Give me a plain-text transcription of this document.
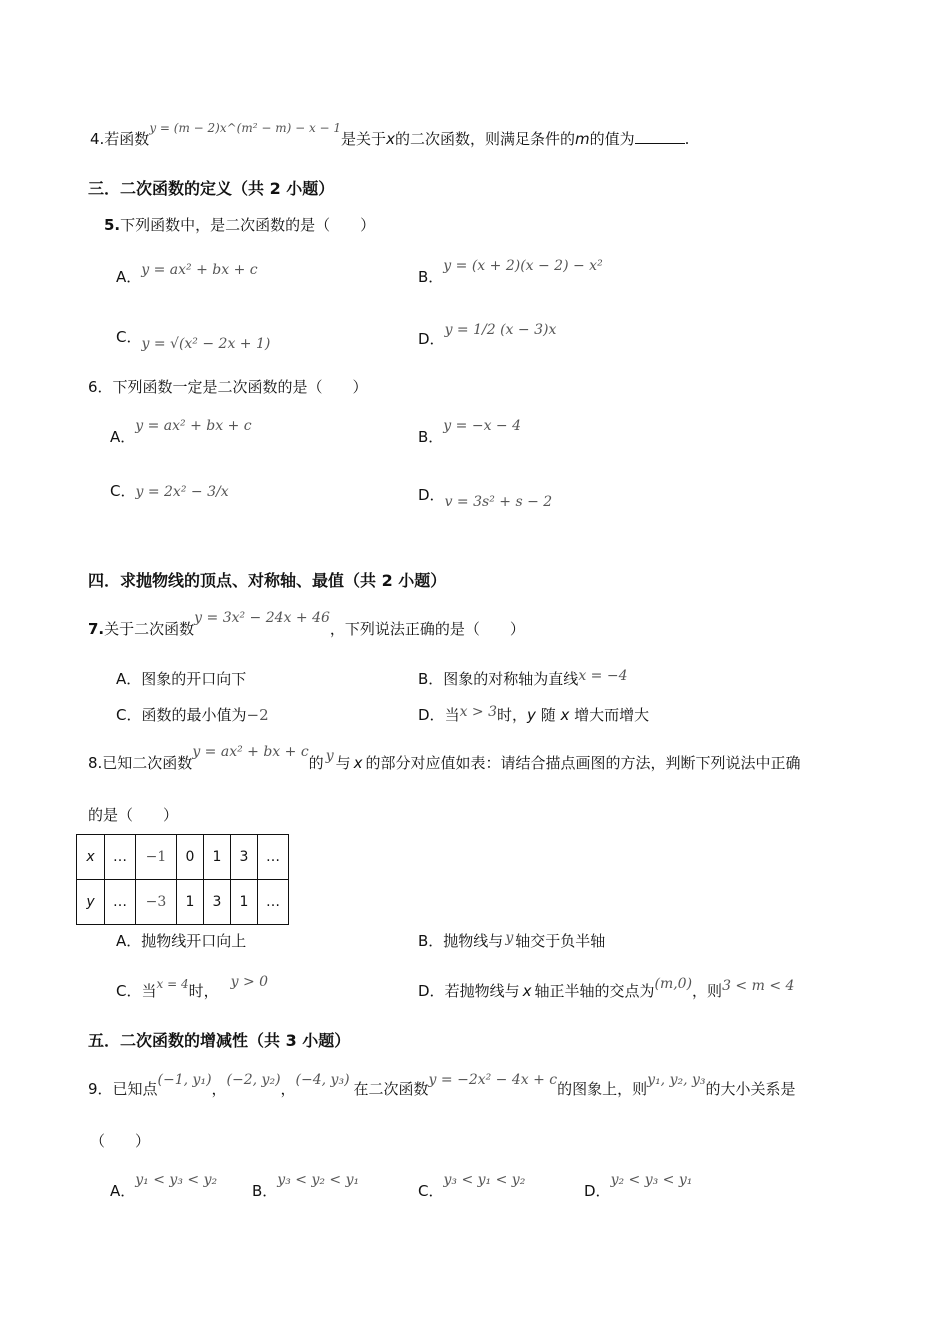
4.若函数$^{y = (m - 2)x\^{}(m^2 - m) - x - 1}$是关于x的二次函数，则满足条件的m的值为	.
三．二次函数的定义（共 2 小题）
5.下列函数中，是二次函数的是（　　）
A．y = ax² + bx + c	B．y = (x + 2)(x − 2) − x²
C．y = √(x² − 2x + 1)	D．y = 1/2 (x − 3)x
6．下列函数一定是二次函数的是（　　）
A．y = ax² + bx + c
B．y = −x − 4
C．y = 2x² − 3/x	D．v = 3s² + s − 2
四．求抛物线的顶点、对称轴、最值（共 2 小题）
7.关于二次函数y = 3x² − 24x + 46，下列说法正确的是（　　）
A．图象的开口向下	B．图象的对称轴为直线x = −4
C．函数的最小值为−2	D．当x > 3时，y 随 x 增大而增大
8.已知二次函数y = ax² + bx + c的 y 与 x 的部分对应值如表：请结合描点画图的方法，判断下列说法中正确
的是（　　）
x	…	−1	0	1	3	…
y	…	−3	1	3	1	…
A．抛物线开口向上	B．抛物线与 y 轴交于负半轴
C．当$^{x = 4}$时， y > 0	D．若抛物线与 x 轴正半轴的交点为(m,0)，则3 < m < 4
五．二次函数的增减性（共 3 小题）
9．已知点(−1, y₁)，(−2, y₂)，(−4, y₃) 在二次函数y = −2x² − 4x + c的图象上，则y₁, y₂, y₃的大小关系是
（　　）
A．y₁ < y₃ < y₂
B．y₃ < y₂ < y₁
C．y₃ < y₁ < y₂
D．y₂ < y₃ < y₁
